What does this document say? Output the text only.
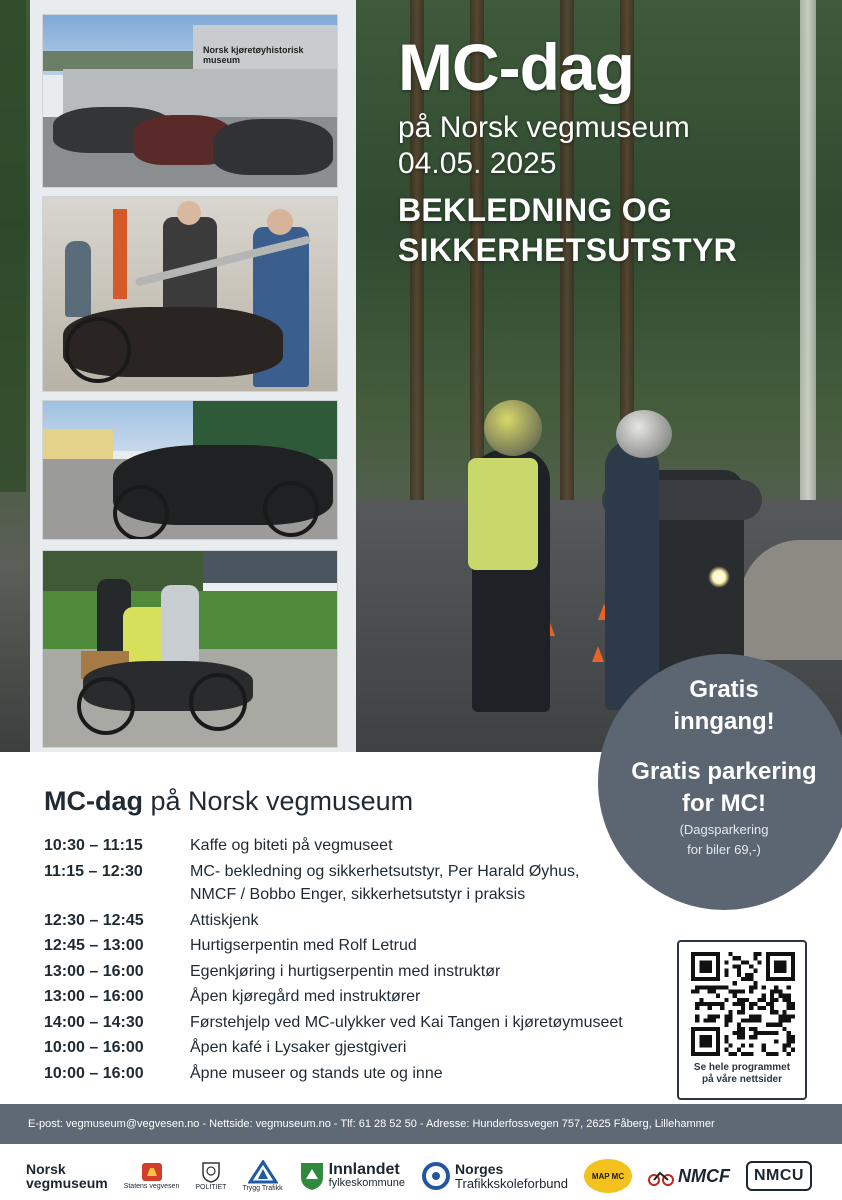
Norsk kjøretøyhistorisk museum	MC-dag
på Norsk vegmuseum
04.05. 2025
BEKLEDNING OG
SIKKERHETSUTSTYR
Gratis
inngang!
Gratis parkering
for MC!
(Dagsparkering
for biler 69,-)
MC-dag på Norsk vegmuseum
10:30 – 11:15	Kaffe og biteti på vegmuseet
11:15 – 12:30	MC- bekledning og sikkerhetsutstyr, Per Harald Øyhus,
NMCF / Bobbo Enger, sikkerhetsutstyr i praksis
12:30 – 12:45	Attiskjenk
12:45 – 13:00	Hurtigserpentin med Rolf Letrud
13:00 – 16:00	Egenkjøring i hurtigserpentin med instruktør
13:00 – 16:00	Åpen kjøregård med instruktører
14:00 – 14:30	Førstehjelp ved MC-ulykker ved Kai Tangen i kjøretøymuseet
10:00 – 16:00	Åpen kafé i Lysaker gjestgiveri
10:00 – 16:00	Åpne museer og stands ute og inne	Se hele programmet
på våre nettsider
E-post: vegmuseum@vegvesen.no - Nettside: vegmuseum.no - Tlf: 61 28 52 50 - Adresse: Hunderfossvegen 757, 2625 Fåberg, Lillehammer
Norsk
vegmuseum Statens vegvesen POLITIET Trygg Trafikk
Innlandet
fylkeskommune
Norges
Trafikkskoleforbund	MAP MC	NMCF	NMCU
